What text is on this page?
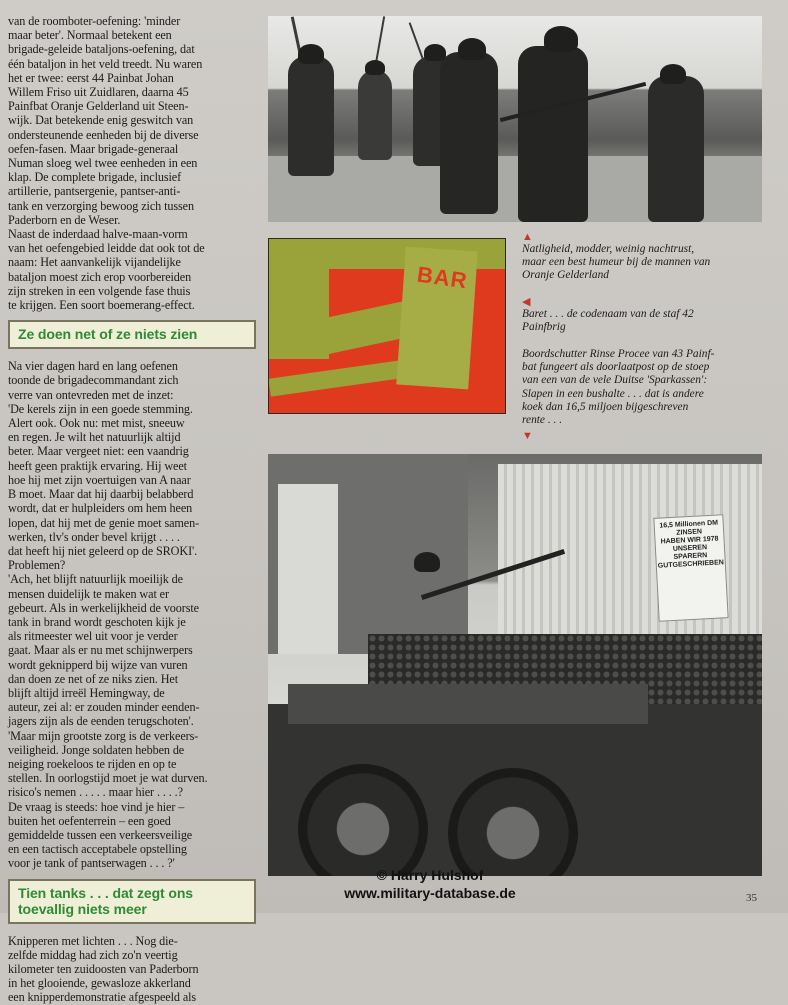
van de roomboter-oefening: 'minder
maar beter'. Normaal betekent een
brigade-geleide bataljons-oefening, dat
één bataljon in het veld treedt. Nu waren
het er twee: eerst 44 Painbat Johan
Willem Friso uit Zuidlaren, daarna 45
Painfbat Oranje Gelderland uit Steen-
wijk. Dat betekende enig geswitch van
ondersteunende eenheden bij de diverse
oefen-fasen. Maar brigade-generaal
Numan sloeg wel twee eenheden in een
klap. De complete brigade, inclusief
artillerie, pantsergenie, pantser-anti-
tank en verzorging bewoog zich tussen
Paderborn en de Weser.
Naast de inderdaad halve-maan-vorm
van het oefengebied leidde dat ook tot de
naam: Het aanvankelijk vijandelijke
bataljon moest zich erop voorbereiden
zijn streken in een volgende fase thuis
te krijgen. Een soort boemerang-effect.

Ze doen net of ze niets zien

Na vier dagen hard en lang oefenen
toonde de brigadecommandant zich
verre van ontevreden met de inzet:
'De kerels zijn in een goede stemming.
Alert ook. Ook nu: met mist, sneeuw
en regen. Je wilt het natuurlijk altijd
beter. Maar vergeet niet: een vaandrig
heeft geen praktijk ervaring. Hij weet
hoe hij met zijn voertuigen van A naar
B moet. Maar dat hij daarbij belabberd
wordt, dat er hulpleiders om hem heen
lopen, dat hij met de genie moet samen-
werken, tlv's onder bevel krijgt . . . .
dat heeft hij niet geleerd op de SROKI'.
Problemen?
'Ach, het blijft natuurlijk moeilijk de
mensen duidelijk te maken wat er
gebeurt. Als in werkelijkheid de voorste
tank in brand wordt geschoten kijk je
als ritmeester wel uit voor je verder
gaat. Maar als er nu met schijnwerpers
wordt geknipperd bij wijze van vuren
dan doen ze net of ze niks zien. Het
blijft altijd irreël Hemingway, de
auteur, zei al: er zouden minder eenden-
jagers zijn als de eenden terugschoten'.
'Maar mijn grootste zorg is de verkeers-
veiligheid. Jonge soldaten hebben de
neiging roekeloos te rijden en op te
stellen. In oorlogstijd moet je wat durven.
risico's nemen . . . . . maar hier . . . .?
De vraag is steeds: hoe vind je hier –
buiten het oefenterrein – een goed
gemiddelde tussen een verkeersveilige
en een tactisch acceptabele opstelling
voor je tank of pantserwagen . . . ?'

Tien tanks . . . dat zegt ons
toevallig niets meer

Knipperen met lichten . . . Nog die-
zelfde middag had zich zo'n veertig
kilometer ten zuidoosten van Paderborn
in het glooiende, gewasloze akkerland
een knipperdemonstratie afgespeeld als

BAR
▲

Natligheid, modder, weinig nachtrust,
maar een best humeur bij de mannen van
Oranje Gelderland

◀

Baret . . . de codenaam van de staf 42
Painfbrig

Boordschutter Rinse Procee van 43 Painf-
bat fungeert als doorlaatpost op de stoep
van een van de vele Duitse 'Sparkassen':
Slapen in een bushalte . . . dat is andere
koek dan 16,5 miljoen bijgeschreven
rente . . .

▼
16,5 Millionen DM
ZINSEN
HABEN WIR 1978
UNSEREN
SPARERN
GUTGESCHRIEBEN
© Harry Hulshof
www.military-database.de	35
